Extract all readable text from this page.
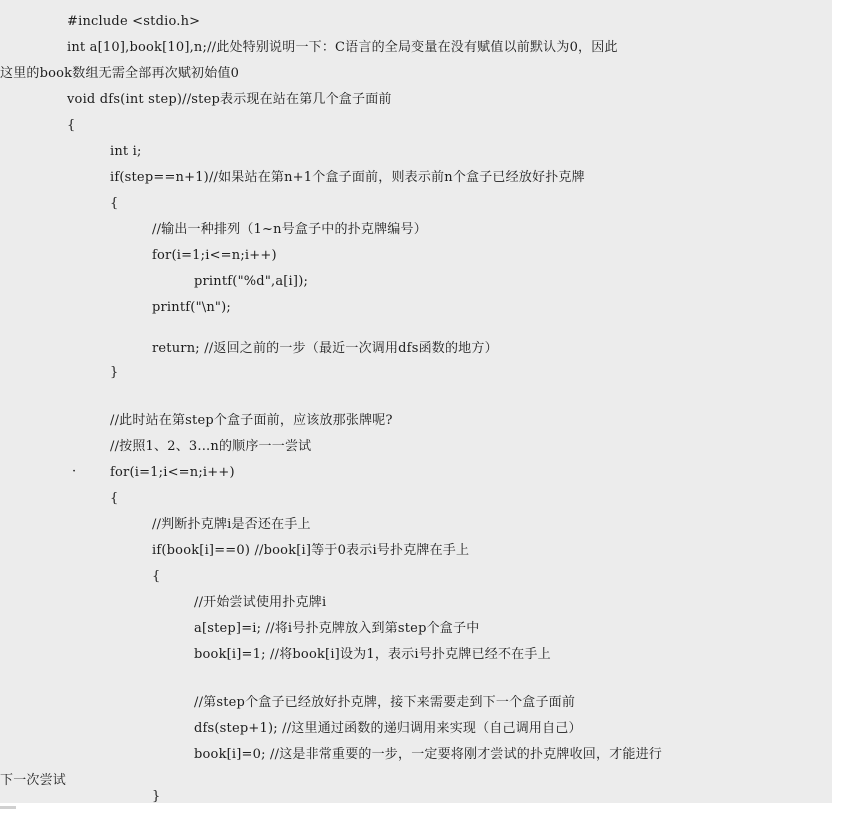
#include <stdio.h>
int a[10],book[10],n;//此处特别说明一下：C语言的全局变量在没有赋值以前默认为0，因此
这里的book数组无需全部再次赋初始值0
void dfs(int step)//step表示现在站在第几个盒子面前
{
int i;
if(step==n+1)//如果站在第n+1个盒子面前，则表示前n个盒子已经放好扑克牌
{
//输出一种排列（1~n号盒子中的扑克牌编号）
for(i=1;i<=n;i++)
printf("%d",a[i]);
printf("\n");
return; //返回之前的一步（最近一次调用dfs函数的地方）
}
//此时站在第step个盒子面前，应该放那张牌呢?
//按照1、2、3...n的顺序一一尝试
for(i=1;i<=n;i++)
{
//判断扑克牌i是否还在手上
if(book[i]==0) //book[i]等于0表示i号扑克牌在手上
{
//开始尝试使用扑克牌i
a[step]=i; //将i号扑克牌放入到第step个盒子中
book[i]=1; //将book[i]设为1，表示i号扑克牌已经不在手上
//第step个盒子已经放好扑克牌，接下来需要走到下一个盒子面前
dfs(step+1); //这里通过函数的递归调用来实现（自己调用自己）
book[i]=0; //这是非常重要的一步，一定要将刚才尝试的扑克牌收回，才能进行
下一次尝试
}
·
